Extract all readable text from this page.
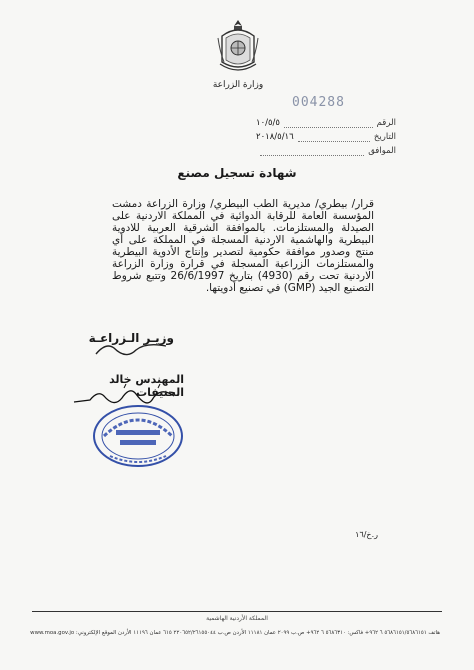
وزارة الزراعة
004288
الرقم
١٠/٥/٥
التاريخ
٢٠١٨/٥/١٦
الموافق
شهادة تسجيل مصنع
قرار/ بيطري/ مديرية الطب البيطري/ وزارة الزراعة دمشت المؤسسة العامة للرقابة الدوائية في المملكة الاردنية على الصيدلة والمستلزمات. بالموافقة الشرقية العربية للادوية البيطرية والهاشمية الاردنية المسجلة في المملكة على أي منتج وصدور موافقة حكومية لتصدير وإنتاج الأدوية البيطرية والمستلزمات الزراعية المسجلة في قرارة وزارة الزراعة الاردنية تحت رقم (4930) بتاريخ 26/6/1997 وتتبع شروط التصنيع الجيد (GMP) في تصنيع أدويتها.
وزيـر الـزراعـة
المهندس خالد الحنيفات
ر.خ/١٦
المملكة الأردنية الهاشمية
هاتف ٥٦٨٦١٥١/٥٦٨٦١٥١ ٦ ٩٦٢+ فاكس: ٥٦٨٦٣١٠ ٦ ٩٦٢+ ص.ب ٢٠٩٩ عمان ١١١٨١ الأردن ص.ب ٢٢٠٦٥٢/٢٦١٥٥٠٤٤ ٦١٥ عمان ١١١٩٦ الأردن الموقع الإلكتروني: www.moa.gov.jo
